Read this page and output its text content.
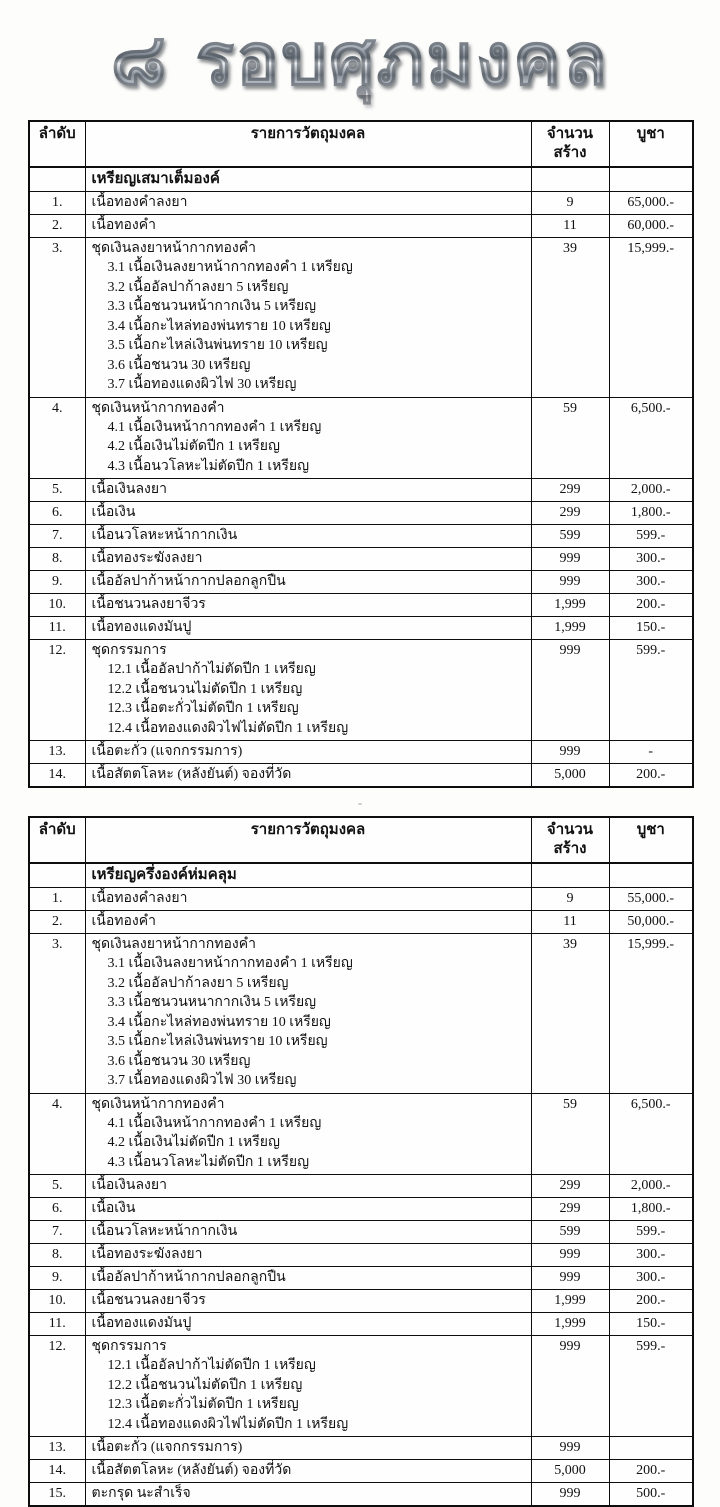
๘ รอบศุภมงคล
ลำดับ	รายการวัตถุมงคล	จำนวนสร้าง	บูชา
	เหรียญเสมาเต็มองค์		
1.	เนื้อทองคำลงยา	9	65,000.-
2.	เนื้อทองคำ	11	60,000.-
3.	ชุดเงินลงยาหน้ากากทองคำ
3.1 เนื้อเงินลงยาหน้ากากทองคำ 1 เหรียญ
3.2 เนื้ออัลปาก้าลงยา 5 เหรียญ
3.3 เนื้อชนวนหน้ากากเงิน 5 เหรียญ
3.4 เนื้อกะไหล่ทองพ่นทราย 10 เหรียญ
3.5 เนื้อกะไหล่เงินพ่นทราย 10 เหรียญ
3.6 เนื้อชนวน 30 เหรียญ
3.7 เนื้อทองแดงผิวไฟ 30 เหรียญ
	39	15,999.-
4.	ชุดเงินหน้ากากทองคำ
4.1 เนื้อเงินหน้ากากทองคำ 1 เหรียญ
4.2 เนื้อเงินไม่ตัดปีก 1 เหรียญ
4.3 เนื้อนวโลหะไม่ตัดปีก 1 เหรียญ	59	6,500.-
5.	เนื้อเงินลงยา	299	2,000.-
6.	เนื้อเงิน	299	1,800.-
7.	เนื้อนวโลหะหน้ากากเงิน	599	599.-
8.	เนื้อทองระฆังลงยา	999	300.-
9.	เนื้ออัลปาก้าหน้ากากปลอกลูกปืน	999	300.-
10.	เนื้อชนวนลงยาจีวร	1,999	200.-
11.	เนื้อทองแดงมันปู	1,999	150.-
12.	ชุดกรรมการ
12.1 เนื้ออัลปาก้าไม่ตัดปีก 1 เหรียญ
12.2 เนื้อชนวนไม่ตัดปีก 1 เหรียญ
12.3 เนื้อตะกั่วไม่ตัดปีก 1 เหรียญ
12.4 เนื้อทองแดงผิวไฟไม่ตัดปีก 1 เหรียญ	999	599.-
13.	เนื้อตะกั่ว (แจกกรรมการ)	999	-
14.	เนื้อสัตตโลหะ (หลังยันต์) จองที่วัด	5,000	200.-
-
ลำดับ	รายการวัตถุมงคล	จำนวนสร้าง	บูชา
	เหรียญครึ่งองค์ห่มคลุม		
1.	เนื้อทองคำลงยา	9	55,000.-
2.	เนื้อทองคำ	11	50,000.-
3.	ชุดเงินลงยาหน้ากากทองคำ
3.1 เนื้อเงินลงยาหน้ากากทองคำ 1 เหรียญ
3.2 เนื้ออัลปาก้าลงยา 5 เหรียญ
3.3 เนื้อชนวนหนากากเงิน 5 เหรียญ
3.4 เนื้อกะไหล่ทองพ่นทราย 10 เหรียญ
3.5 เนื้อกะไหล่เงินพ่นทราย 10 เหรียญ
3.6 เนื้อชนวน 30 เหรียญ
3.7 เนื้อทองแดงผิวไฟ 30 เหรียญ
	39	15,999.-
4.	ชุดเงินหน้ากากทองคำ
4.1 เนื้อเงินหน้ากากทองคำ 1 เหรียญ
4.2 เนื้อเงินไม่ตัดปีก 1 เหรียญ
4.3 เนื้อนวโลหะไม่ตัดปีก 1 เหรียญ	59	6,500.-
5.	เนื้อเงินลงยา	299	2,000.-
6.	เนื้อเงิน	299	1,800.-
7.	เนื้อนวโลหะหน้ากากเงิน	599	599.-
8.	เนื้อทองระฆังลงยา	999	300.-
9.	เนื้ออัลปาก้าหน้ากากปลอกลูกปืน	999	300.-
10.	เนื้อชนวนลงยาจีวร	1,999	200.-
11.	เนื้อทองแดงมันปู	1,999	150.-
12.	ชุดกรรมการ
12.1 เนื้ออัลปาก้าไม่ตัดปีก 1 เหรียญ
12.2 เนื้อชนวนไม่ตัดปีก 1 เหรียญ
12.3 เนื้อตะกั่วไม่ตัดปีก 1 เหรียญ
12.4 เนื้อทองแดงผิวไฟไม่ตัดปีก 1 เหรียญ	999	599.-
13.	เนื้อตะกั่ว (แจกกรรมการ)	999	
14.	เนื้อสัตตโลหะ (หลังยันต์) จองที่วัด	5,000	200.-
15.	ตะกรุด นะสำเร็จ	999	500.-
